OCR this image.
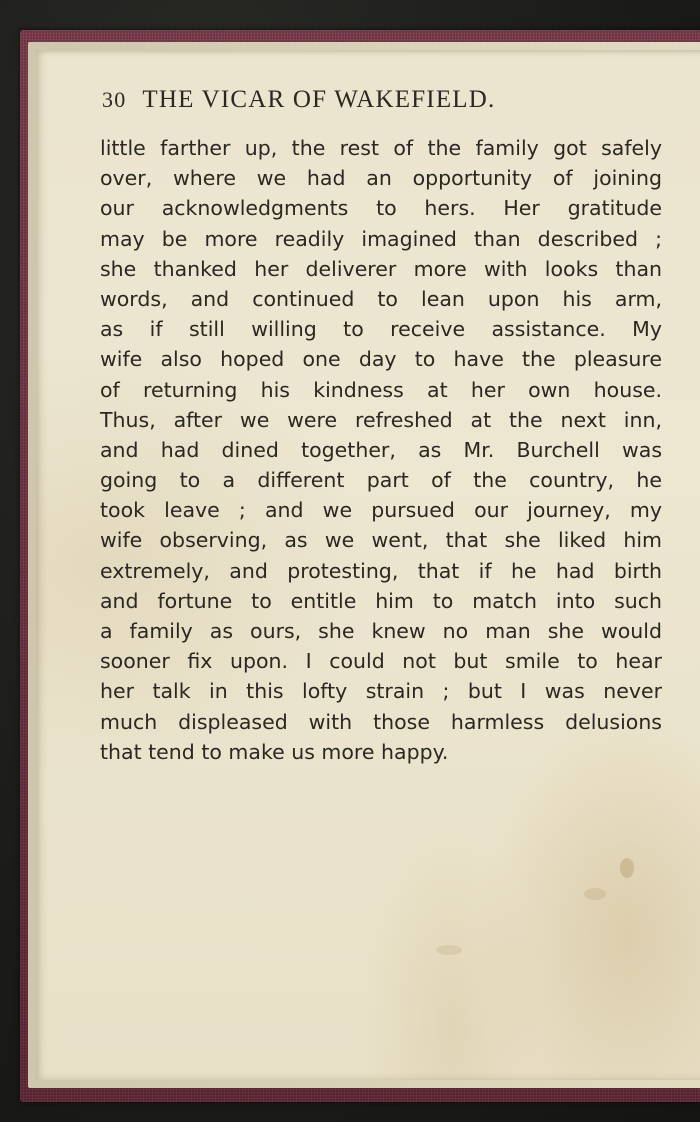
30 THE VICAR OF WAKEFIELD.
little farther up, the rest of the family got safely
over, where we had an opportunity of joining
our acknowledgments to hers. Her gratitude
may be more readily imagined than described ;
she thanked her deliverer more with looks than
words, and continued to lean upon his arm,
as if still willing to receive assistance. My
wife also hoped one day to have the pleasure
of returning his kindness at her own house.
Thus, after we were refreshed at the next inn,
and had dined together, as Mr. Burchell was
going to a different part of the country, he
took leave ; and we pursued our journey, my
wife observing, as we went, that she liked him
extremely, and protesting, that if he had birth
and fortune to entitle him to match into such
a family as ours, she knew no man she would
sooner fix upon. I could not but smile to hear
her talk in this lofty strain ; but I was never
much displeased with those harmless delusions
that tend to make us more happy.
